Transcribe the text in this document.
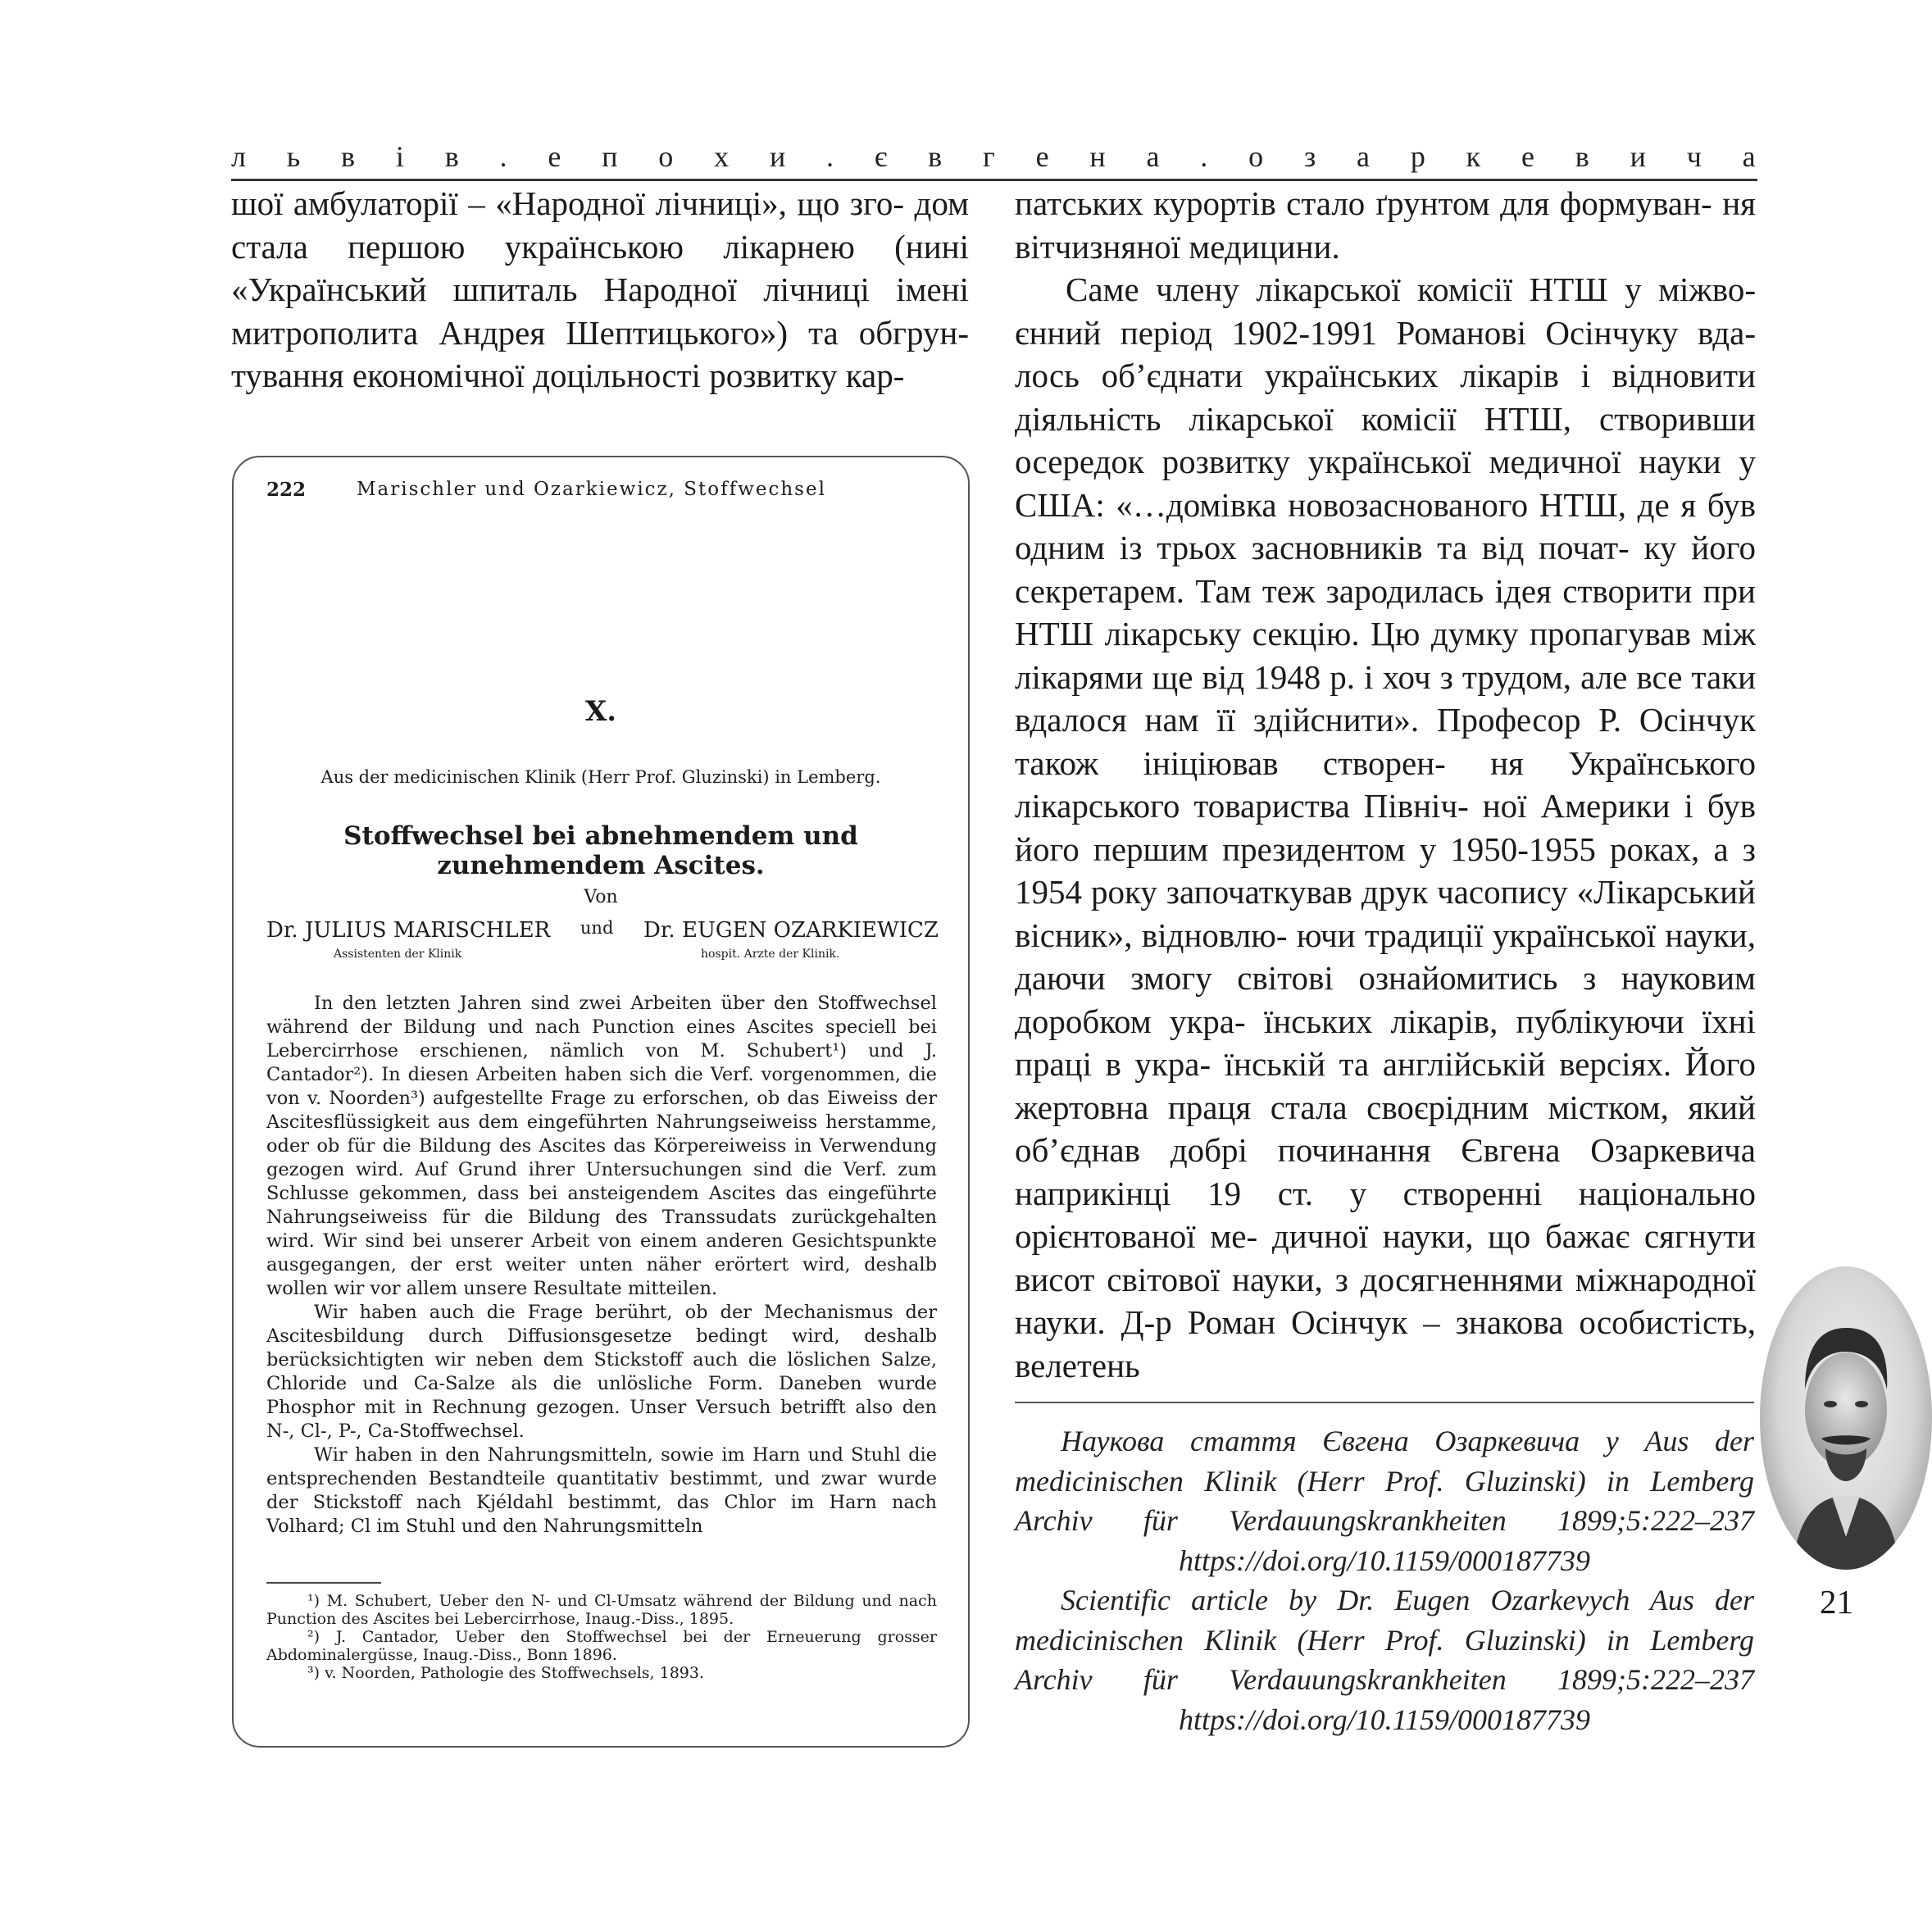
л ь в і в . е п о х и . є в г е н а . о з а р к е в и ч а

шої амбулаторії – «Народної лічниці», що зго- дом стала першою українською лікарнею (нині «Український шпиталь Народної лічниці імені митрополита Андрея Шептицького») та обгрун- тування економічної доцільності розвитку кар-

222	Marischler und Ozarkiewicz, Stoffwechsel
X.
Aus der medicinischen Klinik (Herr Prof. Gluzinski) in Lemberg.
Stoffwechsel bei abnehmendem und
zunehmendem Ascites.
Von
Dr. JULIUS MARISCHLER und Dr. EUGEN OZARKIEWICZ
Assistenten der Klinik	hospit. Arzte der Klinik.

In den letzten Jahren sind zwei Arbeiten über den Stoffwechsel während der Bildung und nach Punction eines Ascites speciell bei Lebercirrhose erschienen, nämlich von M. Schubert¹) und J. Cantador²). In diesen Arbeiten haben sich die Verf. vorgenommen, die von v. Noorden³) aufgestellte Frage zu erforschen, ob das Eiweiss der Ascitesflüssigkeit aus dem eingeführten Nahrungseiweiss herstamme, oder ob für die Bildung des Ascites das Körpereiweiss in Verwendung gezogen wird. Auf Grund ihrer Untersuchungen sind die Verf. zum Schlusse gekommen, dass bei ansteigendem Ascites das eingeführte Nahrungseiweiss für die Bildung des Transsudats zurückgehalten wird. Wir sind bei unserer Arbeit von einem anderen Gesichtspunkte ausgegangen, der erst weiter unten näher erörtert wird, deshalb wollen wir vor allem unsere Resultate mitteilen.

Wir haben auch die Frage berührt, ob der Mechanismus der Ascitesbildung durch Diffusionsgesetze bedingt wird, deshalb berücksichtigten wir neben dem Stickstoff auch die löslichen Salze, Chloride und Ca-Salze als die unlösliche Form. Daneben wurde Phosphor mit in Rechnung gezogen. Unser Versuch betrifft also den N-, Cl-, P-, Ca-Stoffwechsel.

Wir haben in den Nahrungsmitteln, sowie im Harn und Stuhl die entsprechenden Bestandteile quantitativ bestimmt, und zwar wurde der Stickstoff nach Kjéldahl bestimmt, das Chlor im Harn nach Volhard; Cl im Stuhl und den Nahrungsmitteln

¹) M. Schubert, Ueber den N- und Cl-Umsatz während der Bildung und nach Punction des Ascites bei Lebercirrhose, Inaug.-Diss., 1895.

²) J. Cantador, Ueber den Stoffwechsel bei der Erneuerung grosser Abdominalergüsse, Inaug.-Diss., Bonn 1896.

³) v. Noorden, Pathologie des Stoffwechsels, 1893.

патських курортів стало ґрунтом для формуван- ня вітчизняної медицини.

Саме члену лікарської комісії НТШ у міжво- єнний період 1902-1991 Романові Осінчуку вда- лось об’єднати українських лікарів і відновити діяльність лікарської комісії НТШ, створивши осередок розвитку української медичної науки у США: «…домівка новозаснованого НТШ, де я був одним із трьох засновників та від почат- ку його секретарем. Там теж зародилась ідея створити при НТШ лікарську секцію. Цю думку пропагував між лікарями ще від 1948 р. і хоч з трудом, але все таки вдалося нам її здійснити». Професор Р. Осінчук також ініціював створен- ня Українського лікарського товариства Північ- ної Америки і був його першим президентом у 1950-1955 роках, а з 1954 року започаткував друк часопису «Лікарський вісник», відновлю- ючи традиції української науки, даючи змогу світові ознайомитись з науковим доробком укра- їнських лікарів, публікуючи їхні праці в укра- їнській та англійській версіях. Його жертовна праця стала своєрідним містком, який об’єднав добрі починання Євгена Озаркевича наприкінці 19 ст. у створенні національно орієнтованої ме- дичної науки, що бажає сягнути висот світової науки, з досягненнями міжнародної науки. Д-р Роман Осінчук – знакова особистість, велетень

Наукова стаття Євгена Озаркевича у Aus der medicinischen Klinik (Herr Prof. Gluzinski) in Lemberg Archiv für Verdauungskrankheiten 1899;5:222–237 https://doi.org/10.1159/000187739

Scientific article by Dr. Eugen Ozarkevych Aus der medicinischen Klinik (Herr Prof. Gluzinski) in Lemberg Archiv für Verdauungskrankheiten 1899;5:222–237 https://doi.org/10.1159/000187739

21
